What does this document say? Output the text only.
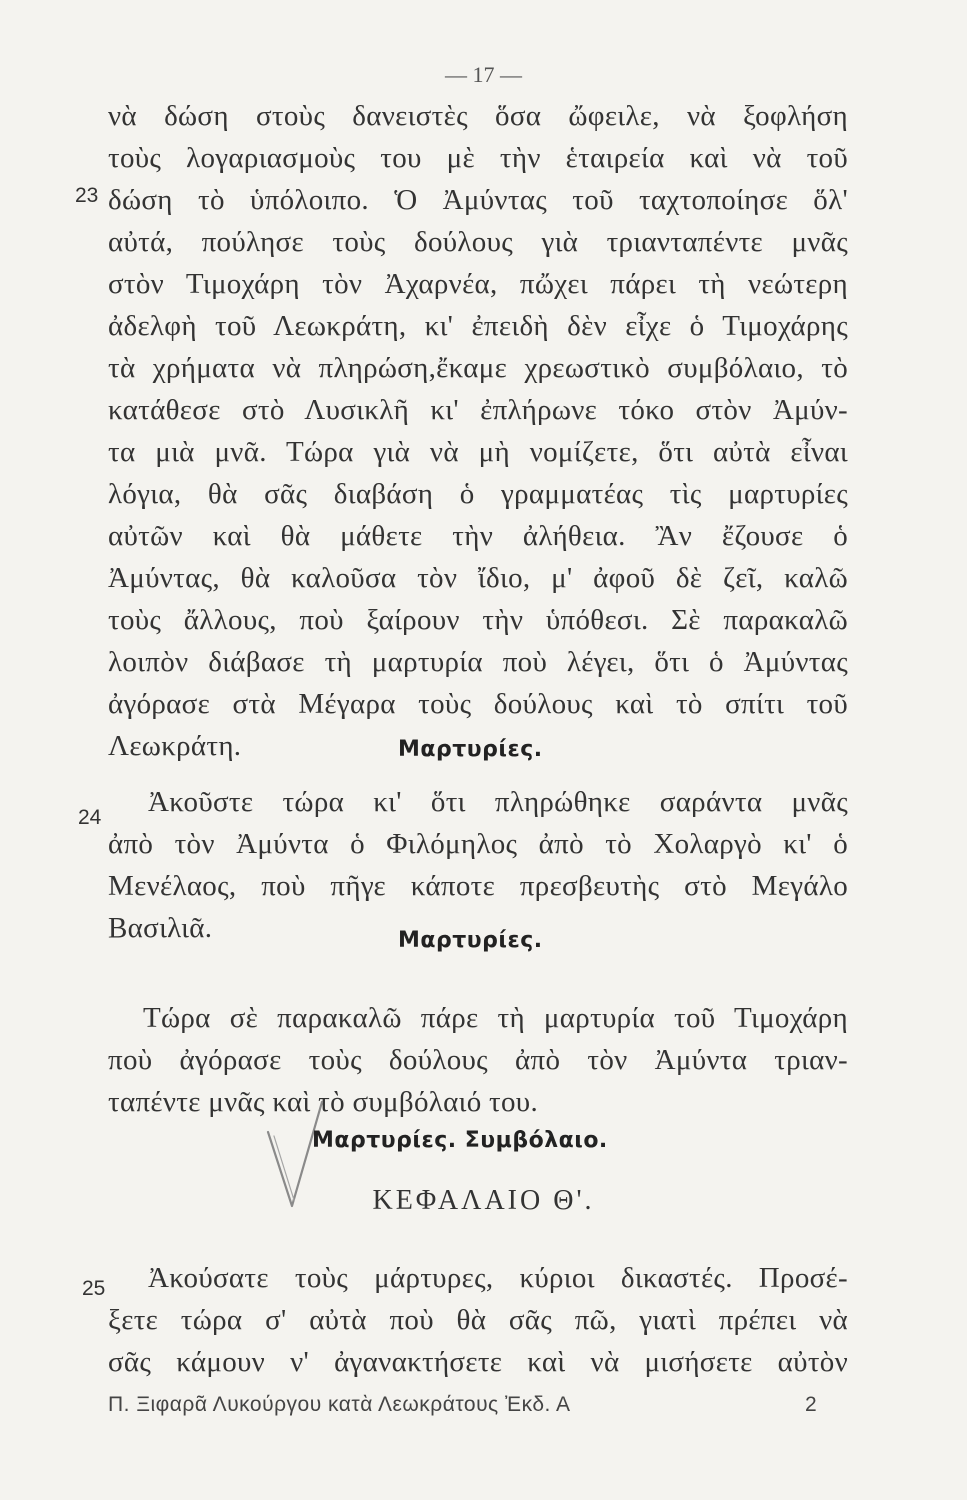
— 17 —
νὰ δώση στοὺς δανειστὲς ὅσα ὤφειλε, νὰ ξοφλήση
τοὺς λογαριασμοὺς του μὲ τὴν ἑταιρεία καὶ νὰ τοῦ
23 δώση τὸ ὑπόλοιπο. Ὁ Ἀμύντας τοῦ ταχτοποίησε ὅλ'
αὐτά, πούλησε τοὺς δούλους γιὰ τριανταπέντε μνᾶς
στὸν Τιμοχάρη τὸν Ἀχαρνέα, πὤχει πάρει τὴ νεώτερη
ἀδελφὴ τοῦ Λεωκράτη, κι' ἐπειδὴ δὲν εἶχε ὁ Τιμοχάρης
τὰ χρήματα νὰ πληρώση,ἔκαμε χρεωστικὸ συμβόλαιο, τὸ
κατάθεσε στὸ Λυσικλῆ κι' ἐπλήρωνε τόκο στὸν Ἀμύν-
τα μιὰ μνᾶ. Τώρα γιὰ νὰ μὴ νομίζετε, ὅτι αὐτὰ εἶναι
λόγια, θὰ σᾶς διαβάση ὁ γραμματέας τὶς μαρτυρίες
αὐτῶν καὶ θὰ μάθετε τὴν ἀλήθεια. Ἂν ἔζουσε ὁ
Ἀμύντας, θὰ καλοῦσα τὸν ἴδιο, μ' ἀφοῦ δὲ ζεῖ, καλῶ
τοὺς ἄλλους, ποὺ ξαίρουν τὴν ὑπόθεσι. Σὲ παρακαλῶ
λοιπὸν διάβασε τὴ μαρτυρία ποὺ λέγει, ὅτι ὁ Ἀμύντας
ἀγόρασε στὰ Μέγαρα τοὺς δούλους καὶ τὸ σπίτι τοῦ
Λεωκράτη.	Μαρτυρίες.
24 Ἀκοῦστε τώρα κι' ὅτι πληρώθηκε σαράντα μνᾶς
ἀπὸ τὸν Ἀμύντα ὁ Φιλόμηλος ἀπὸ τὸ Χολαργὸ κι' ὁ
Μενέλαος, ποὺ πῆγε κάποτε πρεσβευτὴς στὸ Μεγάλο
Βασιλιᾶ.	Μαρτυρίες.
Τώρα σὲ παρακαλῶ πάρε τὴ μαρτυρία τοῦ Τιμοχάρη
ποὺ ἀγόρασε τοὺς δούλους ἀπὸ τὸν Ἀμύντα τριαν-
ταπέντε μνᾶς καὶ τὸ συμβόλαιό του.
Μαρτυρίες. Συμβόλαιο.
ΚΕΦΑΛΑΙΟ Θ'.
25 Ἀκούσατε τοὺς μάρτυρες, κύριοι δικαστές. Προσέ-
ξετε τώρα σ' αὐτὰ ποὺ θὰ σᾶς πῶ, γιατὶ πρέπει νὰ
σᾶς κάμουν ν' ἀγανακτήσετε καὶ νὰ μισήσετε αὐτὸν
Π. Ξιφαρᾶ Λυκούργου κατὰ Λεωκράτους Ἐκδ. Α	2
